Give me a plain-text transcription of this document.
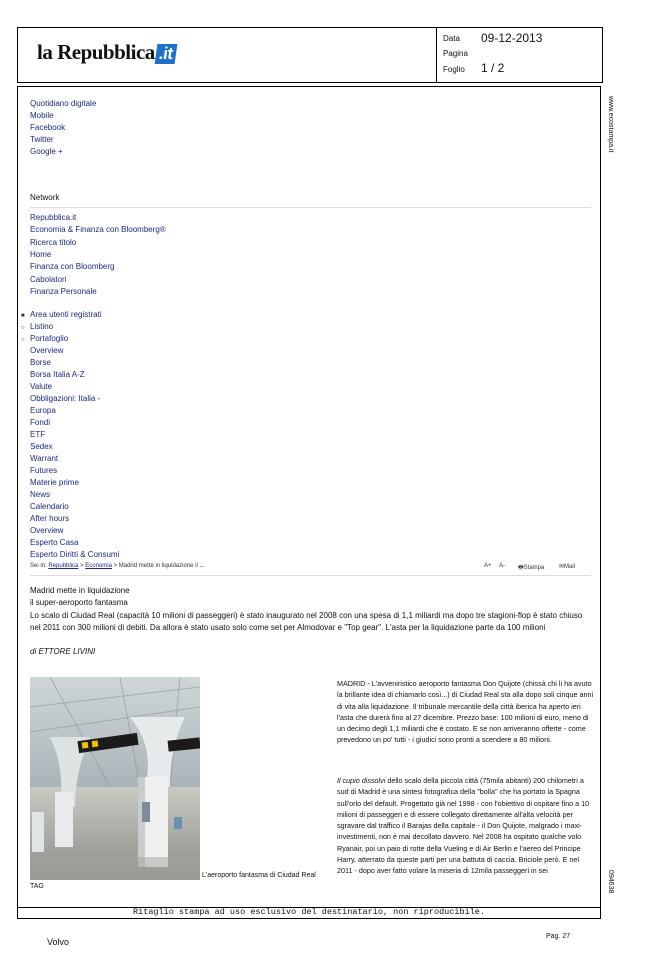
la Repubblica .it
Data 09-12-2013
Pagina
Foglio 1 / 2
www.ecostampa.it
094638
Quotidiano digitale
Mobile
Facebook
Twitter
Google +
Network
Repubblica.it
Economia & Finanza con Bloomberg®
Ricerca titolo
Home
Finanza con Bloomberg
Cabolatori
Finanza Personale
Area utenti registrati
Listino
Portafoglio
Overview
Borse
Borsa Italia A-Z
Valute
Obbligazioni: Italia -
Europa
Fondi
ETF
Sedex
Warrant
Futures
Materie prime
News
Calendario
After hours
Overview
Esperto Casa
Esperto Diritti & Consumi
■
○
○
Sei in: Repubblica > Economia > Madrid mette in liquidazione il ...	A+ A- 🖶Stampa ✉Mail
Madrid mette in liquidazione
il super-aeroporto fantasma
Lo scalo di Ciudad Real (capacità 10 milioni di passeggeri) è stato inaugurato nel 2008 con una spesa di 1,1 miliardi ma dopo tre stagioni-flop è stato chiuso nel 2011 con 300 milioni di debiti. Da allora è stato usato solo come set per Almodovar e "Top gear". L'asta per la liquidazione parte da 100 milioni
di ETTORE LIVINI
L'aeroporto fantasma di Ciudad Real
TAG
MADRID - L'avveniristico aeroporto fantasma Don Quijote (chissà chi li ha avuto la brillante idea di chiamarlo così...) di Ciudad Real sta alla dopo soli cinque anni di vita alla liquidazione. Il tribunale mercantile della città iberica ha aperto ieri l'asta che durerà fino al 27 dicembre. Prezzo base: 100 milioni di euro, meno di un decimo degli 1,1 miliardi che è costato. E se non arriveranno offerte - come prevedono un po' tutti - i giudici sono pronti a scendere a 80 milioni.
Il cupio dissolvi dello scalo della piccola città (75mila abitanti) 200 chilometri a sud di Madrid è una sintesi fotografica della "bolla" che ha portato la Spagna sull'orlo del default. Progettato già nel 1998 - con l'obiettivo di ospitare fino a 10 milioni di passeggeri e di essere collegato direttamente all'alta velocità per sgravare dal traffico il Barajas della capitale - il Don Quijote, malgrado i maxi-investimenti, non è mai decollato davvero. Nel 2008 ha ospitato qualche volo Ryanair, poi un paio di rotte della Vueling e di Air Berlin e l'aereo del Principe Harry, atterrato da queste parti per una battuta di caccia. Briciole però. E nel 2011 - dopo aver fatto volare la miseria di 12mila passeggeri in sei
Ritaglio stampa ad uso esclusivo del destinatario, non riproducibile.
Volvo
Pag. 27
